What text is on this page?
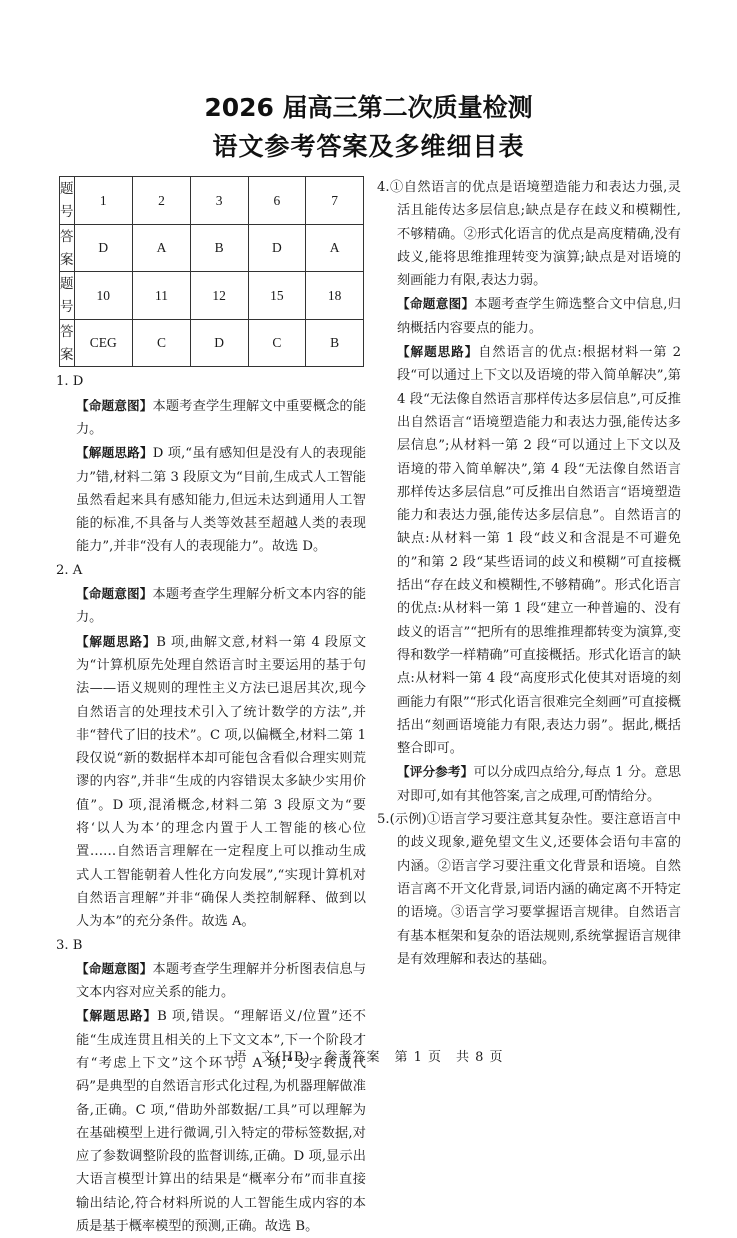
2026 届高三第二次质量检测
语文参考答案及多维细目表
题号	1	2	3	6	7
答案	D	A	B	D	A
题号	10	11	12	15	18
答案	CEG	C	D	C	B

1. D

【命题意图】本题考查学生理解文中重要概念的能力。

【解题思路】D 项,“虽有感知但是没有人的表现能力”错,材料二第 3 段原文为“目前,生成式人工智能虽然看起来具有感知能力,但远未达到通用人工智能的标准,不具备与人类等效甚至超越人类的表现能力”,并非“没有人的表现能力”。故选 D。

2. A

【命题意图】本题考查学生理解分析文本内容的能力。

【解题思路】B 项,曲解文意,材料一第 4 段原文为“计算机原先处理自然语言时主要运用的基于句法——语义规则的理性主义方法已退居其次,现今自然语言的处理技术引入了统计数学的方法”,并非“替代了旧的技术”。C 项,以偏概全,材料二第 1 段仅说“新的数据样本却可能包含看似合理实则荒谬的内容”,并非“生成的内容错误太多缺少实用价值”。D 项,混淆概念,材料二第 3 段原文为“要将‘以人为本’的理念内置于人工智能的核心位置……自然语言理解在一定程度上可以推动生成式人工智能朝着人性化方向发展”,“实现计算机对自然语言理解”并非“确保人类控制解释、做到以人为本”的充分条件。故选 A。

3. B

【命题意图】本题考查学生理解并分析图表信息与文本内容对应关系的能力。

【解题思路】B 项,错误。“理解语义/位置”还不能“生成连贯且相关的上下文文本”,下一个阶段才有“考虑上下文”这个环节。A 项,“文字转成代码”是典型的自然语言形式化过程,为机器理解做准备,正确。C 项,“借助外部数据/工具”可以理解为在基础模型上进行微调,引入特定的带标签数据,对应了参数调整阶段的监督训练,正确。D 项,显示出大语言模型计算出的结果是“概率分布”而非直接输出结论,符合材料所说的人工智能生成内容的本质是基于概率模型的预测,正确。故选 B。

4.①自然语言的优点是语境塑造能力和表达力强,灵活且能传达多层信息;缺点是存在歧义和模糊性,不够精确。②形式化语言的优点是高度精确,没有歧义,能将思维推理转变为演算;缺点是对语境的刻画能力有限,表达力弱。

【命题意图】本题考查学生筛选整合文中信息,归纳概括内容要点的能力。

【解题思路】自然语言的优点:根据材料一第 2 段“可以通过上下文以及语境的带入简单解决”,第 4 段“无法像自然语言那样传达多层信息”,可反推出自然语言“语境塑造能力和表达力强,能传达多层信息”;从材料一第 2 段“可以通过上下文以及语境的带入简单解决”,第 4 段“无法像自然语言那样传达多层信息”可反推出自然语言“语境塑造能力和表达力强,能传达多层信息”。自然语言的缺点:从材料一第 1 段“歧义和含混是不可避免的”和第 2 段“某些语词的歧义和模糊”可直接概括出“存在歧义和模糊性,不够精确”。形式化语言的优点:从材料一第 1 段“建立一种普遍的、没有歧义的语言”“把所有的思维推理都转变为演算,变得和数学一样精确”可直接概括。形式化语言的缺点:从材料一第 4 段“高度形式化使其对语境的刻画能力有限”“形式化语言很难完全刻画”可直接概括出“刻画语境能力有限,表达力弱”。据此,概括整合即可。

【评分参考】可以分成四点给分,每点 1 分。意思对即可,如有其他答案,言之成理,可酌情给分。

5.(示例)①语言学习要注意其复杂性。要注意语言中的歧义现象,避免望文生义,还要体会语句丰富的内涵。②语言学习要注重文化背景和语境。自然语言离不开文化背景,词语内涵的确定离不开特定的语境。③语言学习要掌握语言规律。自然语言有基本框架和复杂的语法规则,系统掌握语言规律是有效理解和表达的基础。

语　文(HB)　参考答案　第 1 页　共 8 页
